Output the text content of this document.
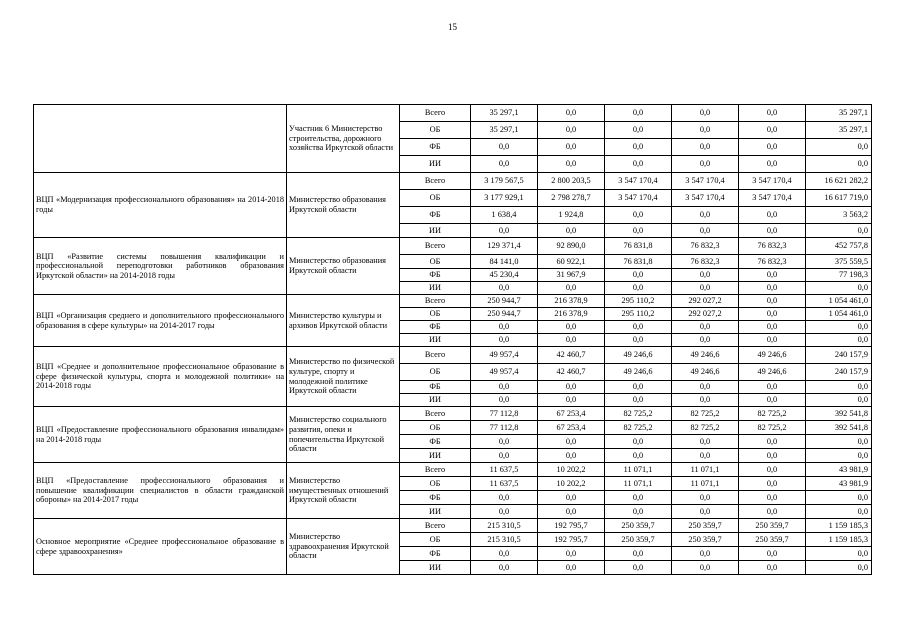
15
	Участник 6 Министерство строительства, дорожного хозяйства Иркутской области	Всего	35 297,1	0,0	0,0	0,0	0,0	35 297,1
		ОБ	35 297,1	0,0	0,0	0,0	0,0	35 297,1
		ФБ	0,0	0,0	0,0	0,0	0,0	0,0
		ИИ	0,0	0,0	0,0	0,0	0,0	0,0
ВЦП «Модернизация профессионального образования» на 2014-2018 годы	Министерство образования Иркутской области	Всего	3 179 567,5	2 800 203,5	3 547 170,4	3 547 170,4	3 547 170,4	16 621 282,2
		ОБ	3 177 929,1	2 798 278,7	3 547 170,4	3 547 170,4	3 547 170,4	16 617 719,0
		ФБ	1 638,4	1 924,8	0,0	0,0	0,0	3 563,2
		ИИ	0,0	0,0	0,0	0,0	0,0	0,0
ВЦП «Развитие системы повышения квалификации и профессиональной переподготовки работников образования Иркутской области» на 2014-2018 годы	Министерство образования Иркутской области	Всего	129 371,4	92 890,0	76 831,8	76 832,3	76 832,3	452 757,8
		ОБ	84 141,0	60 922,1	76 831,8	76 832,3	76 832,3	375 559,5
		ФБ	45 230,4	31 967,9	0,0	0,0	0,0	77 198,3
		ИИ	0,0	0,0	0,0	0,0	0,0	0,0
ВЦП «Организация среднего и дополнительного профессионального образования в сфере культуры» на 2014-2017 годы	Министерство культуры и архивов Иркутской области	Всего	250 944,7	216 378,9	295 110,2	292 027,2	0,0	1 054 461,0
		ОБ	250 944,7	216 378,9	295 110,2	292 027,2	0,0	1 054 461,0
		ФБ	0,0	0,0	0,0	0,0	0,0	0,0
		ИИ	0,0	0,0	0,0	0,0	0,0	0,0
ВЦП «Среднее и дополнительное профессиональное образование в сфере физической культуры, спорта и молодежной политики» на 2014-2018 годы	Министерство по физической культуре, спорту и молодежной политике Иркутской области	Всего	49 957,4	42 460,7	49 246,6	49 246,6	49 246,6	240 157,9
		ОБ	49 957,4	42 460,7	49 246,6	49 246,6	49 246,6	240 157,9
		ФБ	0,0	0,0	0,0	0,0	0,0	0,0
		ИИ	0,0	0,0	0,0	0,0	0,0	0,0
ВЦП «Предоставление профессионального образования инвалидам» на 2014-2018 годы	Министерство социального развития, опеки и попечительства Иркутской области	Всего	77 112,8	67 253,4	82 725,2	82 725,2	82 725,2	392 541,8
		ОБ	77 112,8	67 253,4	82 725,2	82 725,2	82 725,2	392 541,8
		ФБ	0,0	0,0	0,0	0,0	0,0	0,0
		ИИ	0,0	0,0	0,0	0,0	0,0	0,0
ВЦП «Предоставление профессионального образования и повышение квалификации специалистов в области гражданской обороны» на 2014-2017 годы	Министерство имущественных отношений Иркутской области	Всего	11 637,5	10 202,2	11 071,1	11 071,1	0,0	43 981,9
		ОБ	11 637,5	10 202,2	11 071,1	11 071,1	0,0	43 981,9
		ФБ	0,0	0,0	0,0	0,0	0,0	0,0
		ИИ	0,0	0,0	0,0	0,0	0,0	0,0
Основное мероприятие «Среднее профессиональное образование в сфере здравоохранения»	Министерство здравоохранения Иркутской области	Всего	215 310,5	192 795,7	250 359,7	250 359,7	250 359,7	1 159 185,3
		ОБ	215 310,5	192 795,7	250 359,7	250 359,7	250 359,7	1 159 185,3
		ФБ	0,0	0,0	0,0	0,0	0,0	0,0
		ИИ	0,0	0,0	0,0	0,0	0,0	0,0
